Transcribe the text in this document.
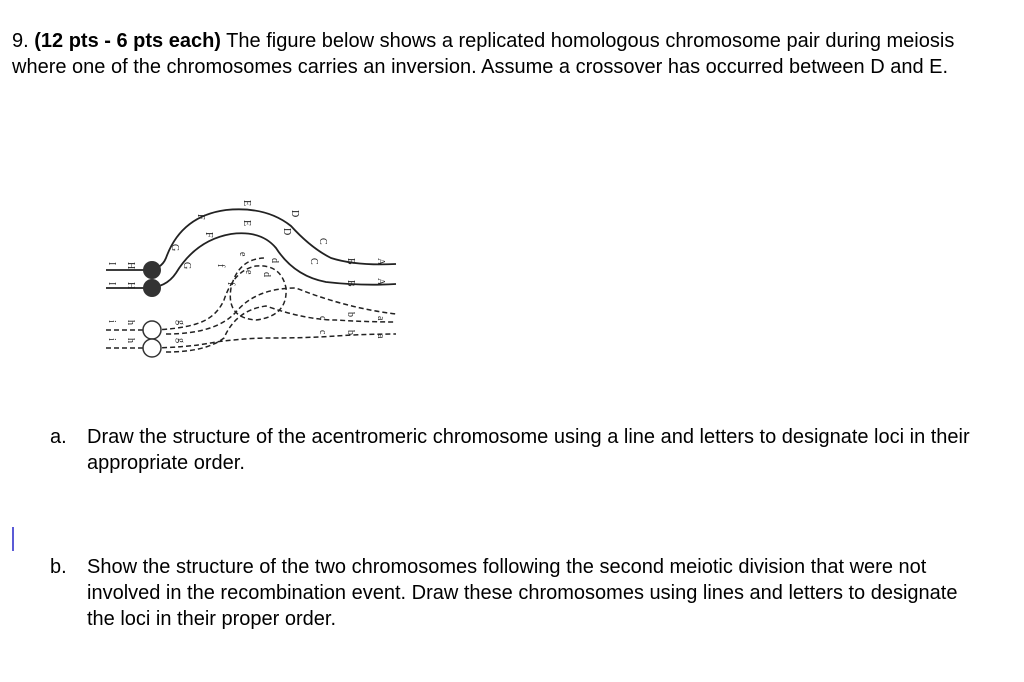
9. (12 pts - 6 pts each) The figure below shows a replicated homologous chromosome pair during meiosis where one of the chromosomes carries an inversion. Assume a crossover has occurred between D and E.
A
A
B
B
C
C
D
D
E
E
F
F
G
G
H
H
I
I
a
a
b
b
c
c
d
d
e
e
f
f
g
g
h
h
i
i
a.	Draw the structure of the acentromeric chromosome using a line and letters to designate loci in their appropriate order.
b.	Show the structure of the two chromosomes following the second meiotic division that were not involved in the recombination event. Draw these chromosomes using lines and letters to designate the loci in their proper order.
